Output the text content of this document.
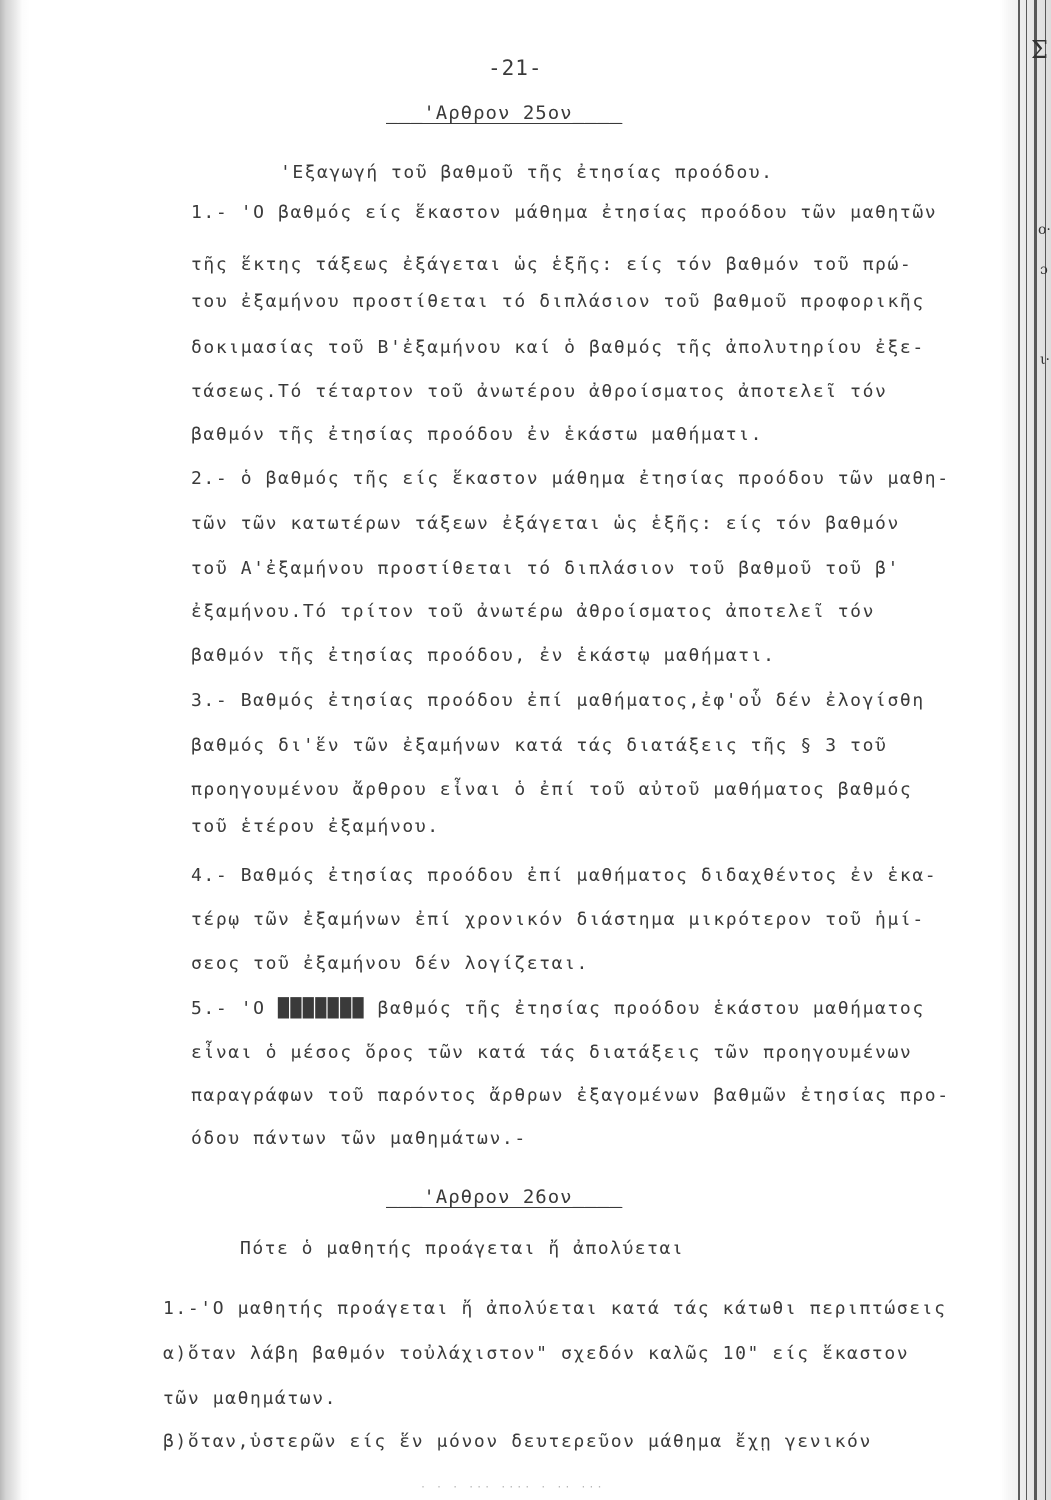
Σ
ο·
ɔ
ι·
-21-
___'Αρθρον 25ον____
'Εξαγωγή τοῦ βαθμοῦ τῆς ἐτησίας προόδου.
1.- 'Ο βαθμός είς ἕκαστον μάθημα ἐτησίας προόδου τῶν μαθητῶν
τῆς ἕκτης τάξεως ἐξάγεται ὡς ἑξῆς: είς τόν βαθμόν τοῦ πρώ-
του ἐξαμήνου προστίθεται τό διπλάσιον τοῦ βαθμοῦ προφορικῆς
δοκιμασίας τοῦ Β'ἐξαμήνου καί ὁ βαθμός τῆς ἀπολυτηρίου ἐξε-
τάσεως.Τό τέταρτον τοῦ ἀνωτέρου ἀθροίσματος ἀποτελεῖ τόν
βαθμόν τῆς ἐτησίας προόδου ἐν ἑκάστω μαθήματι.
2.- ὁ βαθμός τῆς είς ἕκαστον μάθημα ἐτησίας προόδου τῶν μαθη-
τῶν τῶν κατωτέρων τάξεων ἐξάγεται ὡς ἑξῆς: είς τόν βαθμόν
τοῦ Α'ἐξαμήνου προστίθεται τό διπλάσιον τοῦ βαθμοῦ τοῦ β'
ἐξαμήνου.Τό τρίτον τοῦ ἀνωτέρω ἀθροίσματος ἀποτελεῖ τόν
βαθμόν τῆς ἐτησίας προόδου, ἐν ἑκάστῳ μαθήματι.
3.- Βαθμός ἐτησίας προόδου ἐπί μαθήματος,ἐφ'οὗ δέν ἐλογίσθη
βαθμός δι'ἕν τῶν ἐξαμήνων κατά τάς διατάξεις τῆς § 3 τοῦ
προηγουμένου ἄρθρου εἶναι ὁ ἐπί τοῦ αὐτοῦ μαθήματος βαθμός
τοῦ ἑτέρου ἐξαμήνου.
4.- Βαθμός ἐτησίας προόδου ἐπί μαθήματος διδαχθέντος ἐν ἑκα-
τέρῳ τῶν ἐξαμήνων ἐπί χρονικόν διάστημα μικρότερον τοῦ ἡμί-
σεος τοῦ ἐξαμήνου δέν λογίζεται.
5.- 'Ο ███████ βαθμός τῆς ἐτησίας προόδου ἑκάστου μαθήματος
εἶναι ὁ μέσος ὅρος τῶν κατά τάς διατάξεις τῶν προηγουμένων
παραγράφων τοῦ παρόντος ἄρθρων ἐξαγομένων βαθμῶν ἐτησίας προ-
όδου πάντων τῶν μαθημάτων.-
___'Αρθρον 26ον____
Πότε ὁ μαθητής προάγεται ἤ ἀπολύεται
1.-'Ο μαθητής προάγεται ἤ ἀπολύεται κατά τάς κάτωθι περιπτώσεις
α)ὅταν λάβη βαθμόν τοὐλάχιστον" σχεδόν καλῶς 10" είς ἕκαστον
τῶν μαθημάτων.
β)ὅταν,ὑστερῶν είς ἕν μόνον δευτερεῦον μάθημα ἔχῃ γενικόν
· · · ··· ···· · ·· ···
